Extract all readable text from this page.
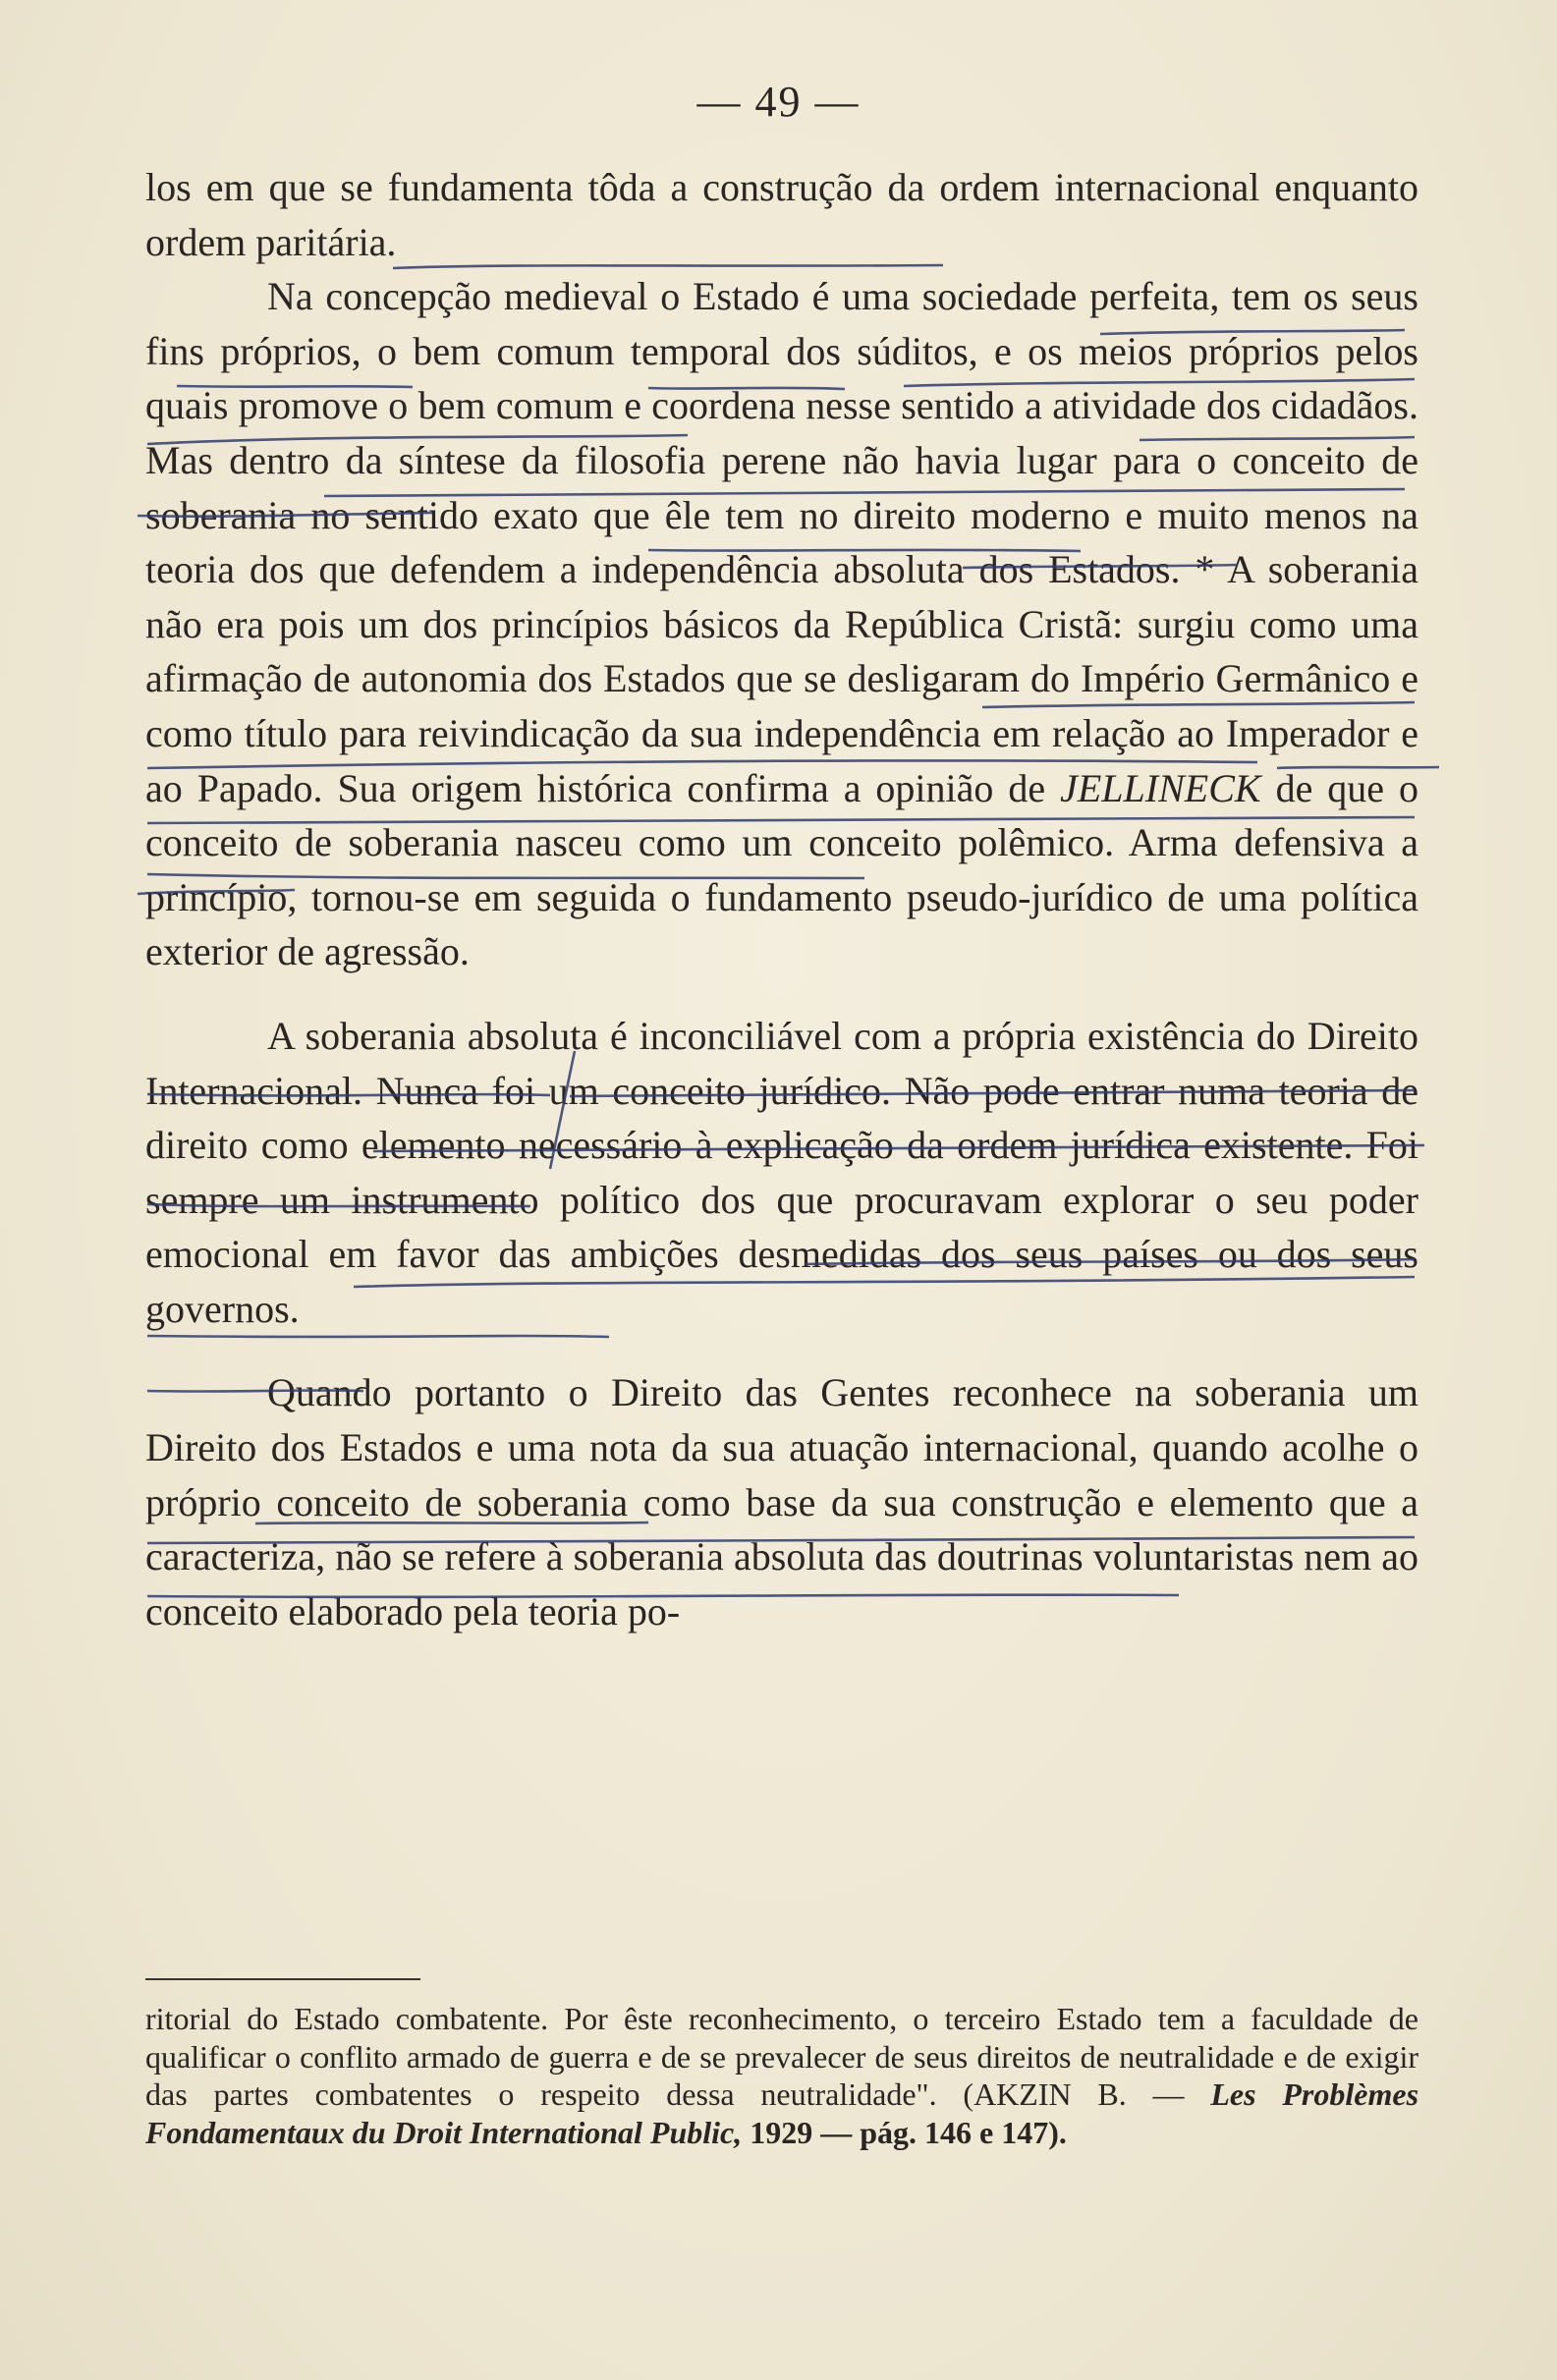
— 49 —

los em que se fundamenta tôda a construção da ordem internacional enquanto ordem paritária.

Na concepção medieval o Estado é uma sociedade perfeita, tem os seus fins próprios, o bem comum temporal dos súditos, e os meios próprios pelos quais promove o bem comum e coordena nesse sentido a atividade dos cidadãos. Mas dentro da síntese da filosofia perene não havia lugar para o conceito de soberania no sentido exato que êle tem no direito moderno e muito menos na teoria dos que defendem a independência absoluta dos Estados. * A soberania não era pois um dos princípios básicos da República Cristã: surgiu como uma afirmação de autonomia dos Estados que se desligaram do Império Germânico e como título para reivindicação da sua independência em relação ao Imperador e ao Papado. Sua origem histórica confirma a opinião de JELLINECK de que o conceito de soberania nasceu como um conceito polêmico. Arma defensiva a princípio, tornou-se em seguida o fundamento pseudo-jurídico de uma política exterior de agressão.

A soberania absoluta é inconciliável com a própria existência do Direito Internacional. Nunca foi um conceito jurídico. Não pode entrar numa teoria de direito como elemento necessário à explicação da ordem jurídica existente. Foi sempre um instrumento político dos que procuravam explorar o seu poder emocional em favor das ambições desmedidas dos seus países ou dos seus governos.

Quando portanto o Direito das Gentes reconhece na soberania um Direito dos Estados e uma nota da sua atuação internacional, quando acolhe o próprio conceito de soberania como base da sua construção e elemento que a caracteriza, não se refere à soberania absoluta das doutrinas voluntaristas nem ao conceito elaborado pela teoria po-

ritorial do Estado combatente. Por êste reconhecimento, o terceiro Estado tem a faculdade de qualificar o conflito armado de guerra e de se prevalecer de seus direitos de neutralidade e de exigir das partes combatentes o respeito dessa neutralidade". (AKZIN B. — Les Problèmes Fondamentaux du Droit International Public, 1929 — pág. 146 e 147).
